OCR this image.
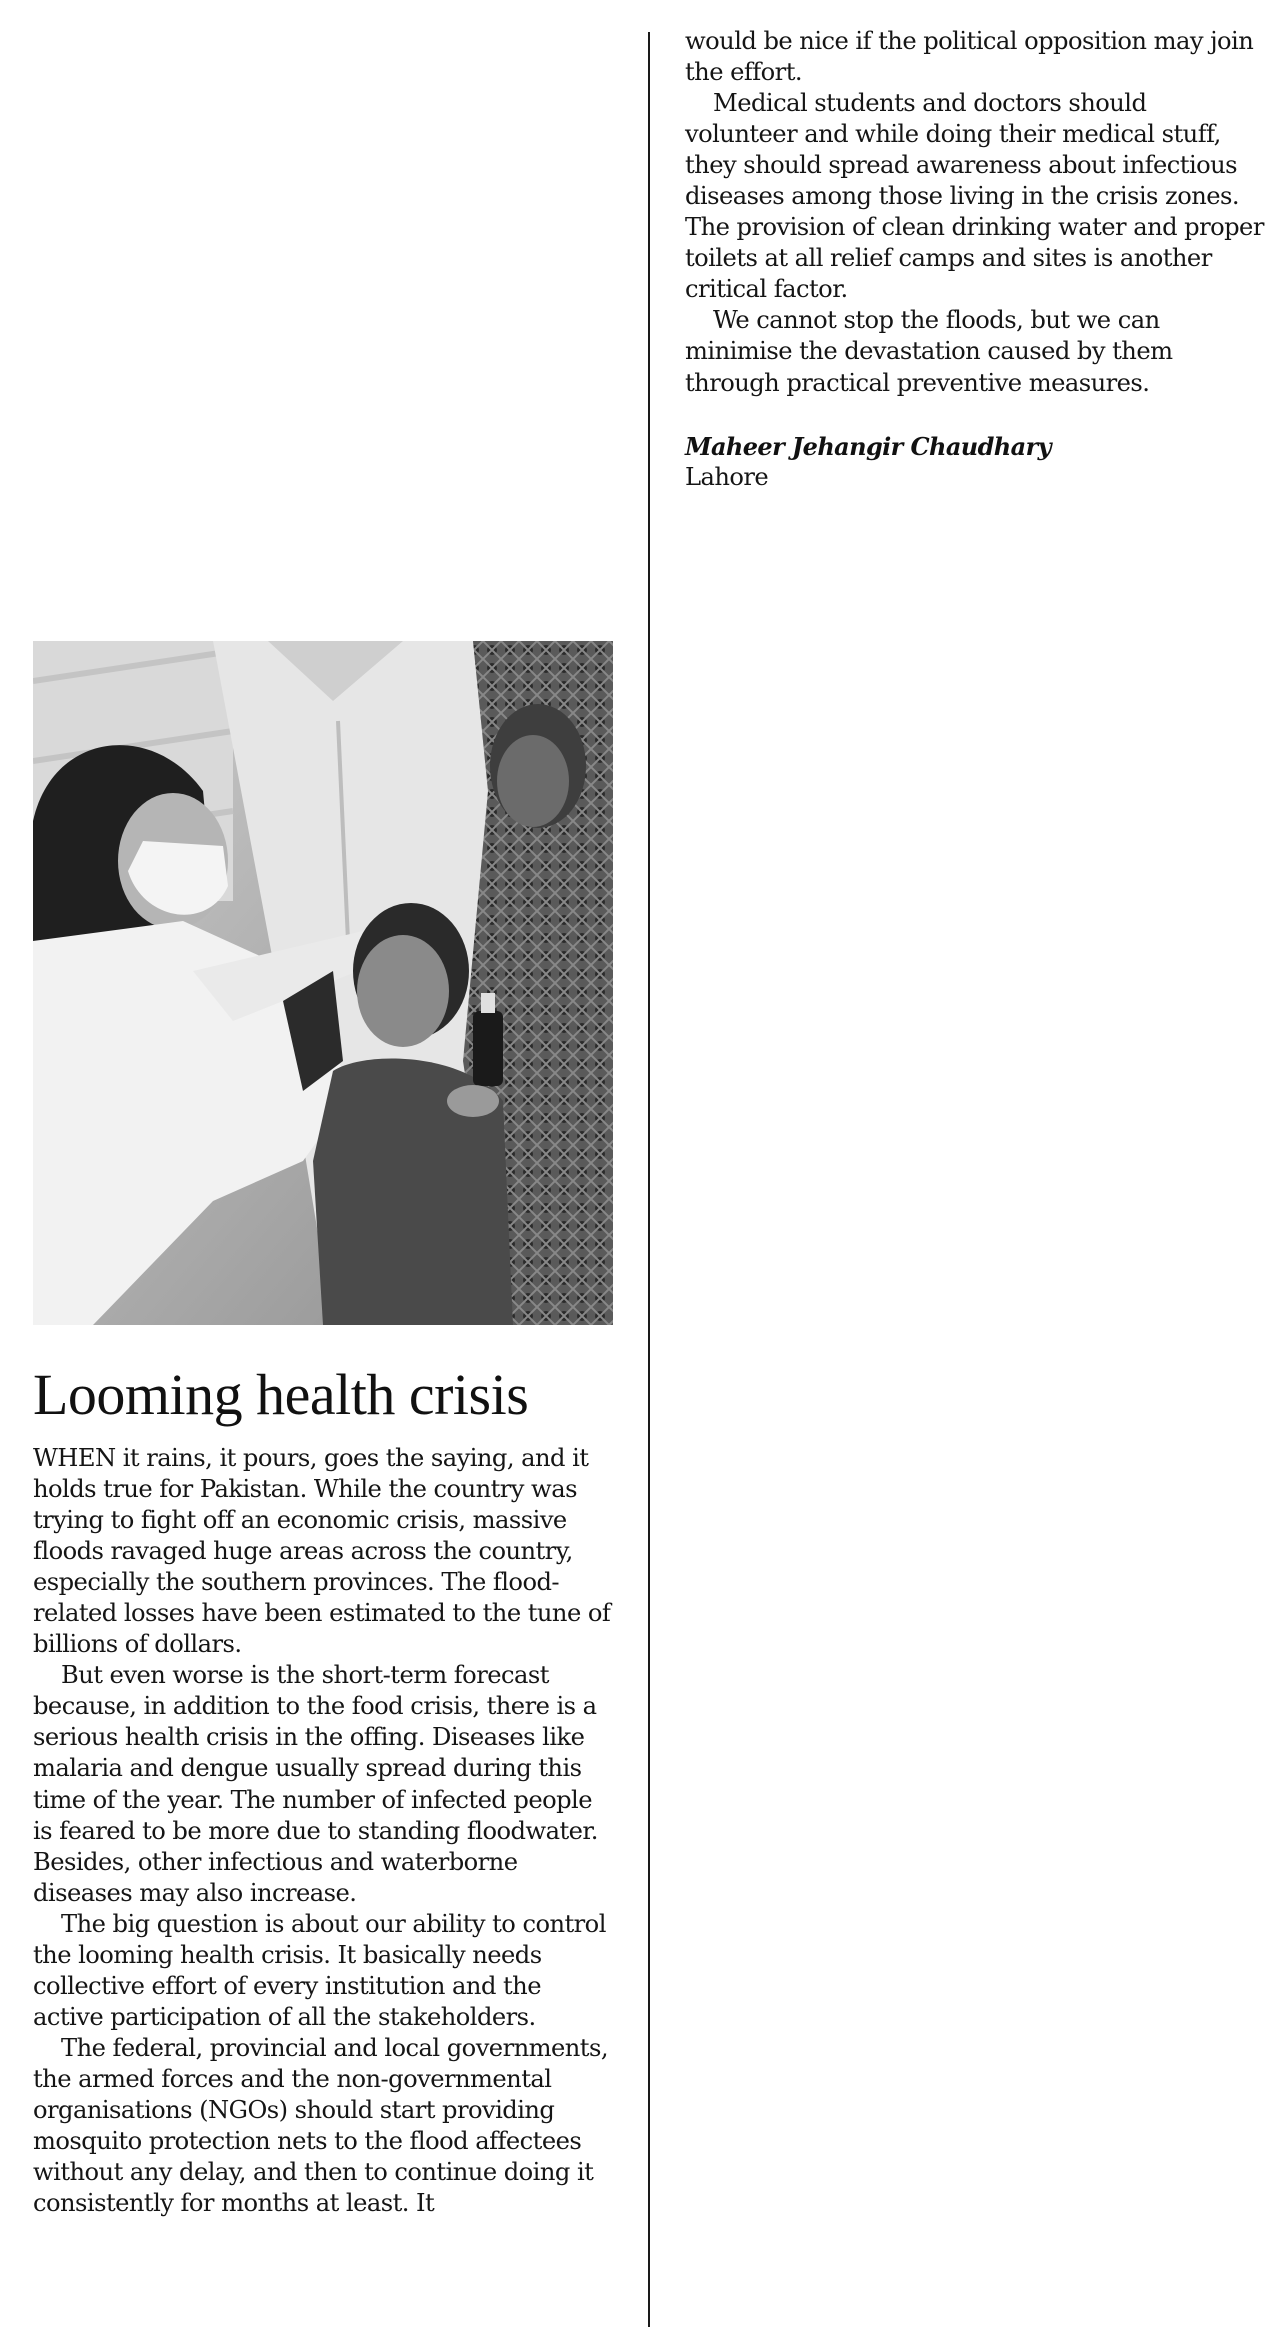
Looming health crisis

WHEN it rains, it pours, goes the saying, and it holds true for Pakistan. While the country was trying to fight off an economic crisis, massive floods ravaged huge areas across the country, especially the southern provinces. The flood-related losses have been estimated to the tune of billions of dollars.

But even worse is the short-term forecast because, in addition to the food crisis, there is a serious health crisis in the offing. Diseases like malaria and dengue usually spread during this time of the year. The number of infected people is feared to be more due to standing floodwater. Besides, other infectious and waterborne diseases may also increase.

The big question is about our ability to control the looming health crisis. It basically needs collective effort of every institution and the active participation of all the stakeholders.

The federal, provincial and local governments, the armed forces and the non-governmental organisations (NGOs) should start providing mosquito protection nets to the flood affectees without any delay, and then to continue doing it consistently for months at least. It

would be nice if the political opposition may join the effort.

Medical students and doctors should volunteer and while doing their medical stuff, they should spread awareness about infectious diseases among those living in the crisis zones. The provision of clean drinking water and proper toilets at all relief camps and sites is another critical factor.

We cannot stop the floods, but we can minimise the devastation caused by them through practical preventive measures.

Maheer Jehangir Chaudhary
Lahore
